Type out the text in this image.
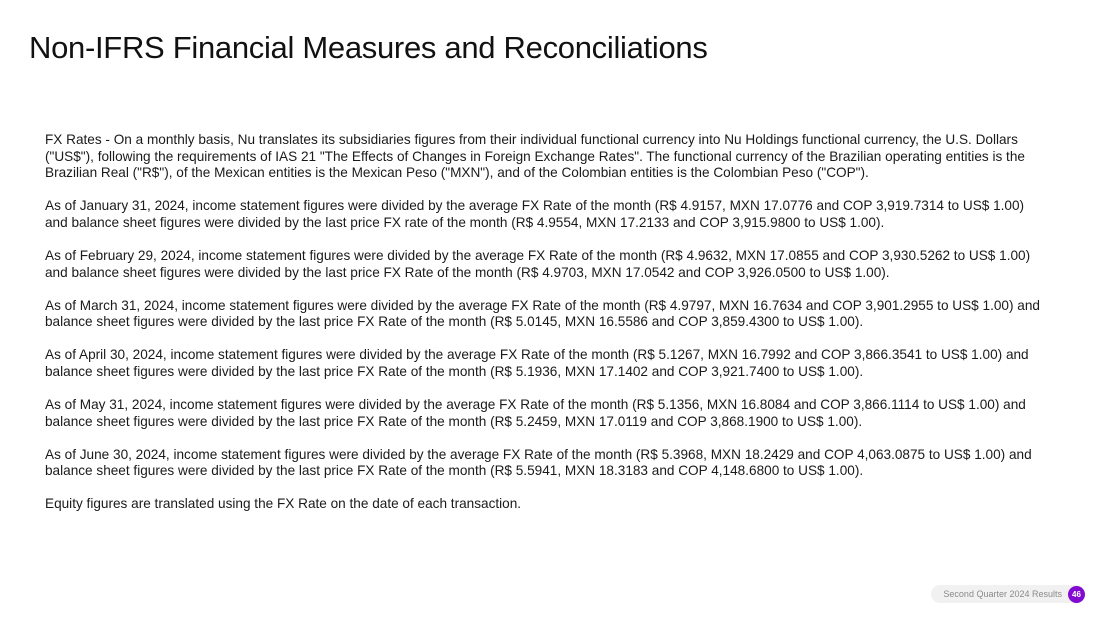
Non-IFRS Financial Measures and Reconciliations

FX Rates - On a monthly basis, Nu translates its subsidiaries figures from their individual functional currency into Nu Holdings functional currency, the U.S. Dollars ("US$"), following the requirements of IAS 21 "The Effects of Changes in Foreign Exchange Rates". The functional currency of the Brazilian operating entities is the Brazilian Real ("R$"), of the Mexican entities is the Mexican Peso ("MXN"), and of the Colombian entities is the Colombian Peso ("COP").

As of January 31, 2024, income statement figures were divided by the average FX Rate of the month (R$ 4.9157, MXN 17.0776 and COP 3,919.7314 to US$ 1.00) and balance sheet figures were divided by the last price FX rate of the month (R$ 4.9554, MXN 17.2133 and COP 3,915.9800 to US$ 1.00).

As of February 29, 2024, income statement figures were divided by the average FX Rate of the month (R$ 4.9632, MXN 17.0855 and COP 3,930.5262 to US$ 1.00) and balance sheet figures were divided by the last price FX Rate of the month (R$ 4.9703, MXN 17.0542 and COP 3,926.0500 to US$ 1.00).

As of March 31, 2024, income statement figures were divided by the average FX Rate of the month (R$ 4.9797, MXN 16.7634 and COP 3,901.2955 to US$ 1.00) and balance sheet figures were divided by the last price FX Rate of the month (R$ 5.0145, MXN 16.5586 and COP 3,859.4300 to US$ 1.00).

As of April 30, 2024, income statement figures were divided by the average FX Rate of the month (R$ 5.1267, MXN 16.7992 and COP 3,866.3541 to US$ 1.00) and balance sheet figures were divided by the last price FX Rate of the month (R$ 5.1936, MXN 17.1402 and COP 3,921.7400 to US$ 1.00).

As of May 31, 2024, income statement figures were divided by the average FX Rate of the month (R$ 5.1356, MXN 16.8084 and COP 3,866.1114 to US$ 1.00) and balance sheet figures were divided by the last price FX Rate of the month (R$ 5.2459, MXN 17.0119 and COP 3,868.1900 to US$ 1.00).

As of June 30, 2024, income statement figures were divided by the average FX Rate of the month (R$ 5.3968, MXN 18.2429 and COP 4,063.0875 to US$ 1.00) and balance sheet figures were divided by the last price FX Rate of the month (R$ 5.5941, MXN 18.3183 and COP 4,148.6800 to US$ 1.00).

Equity figures are translated using the FX Rate on the date of each transaction.

Second Quarter 2024 Results	46
